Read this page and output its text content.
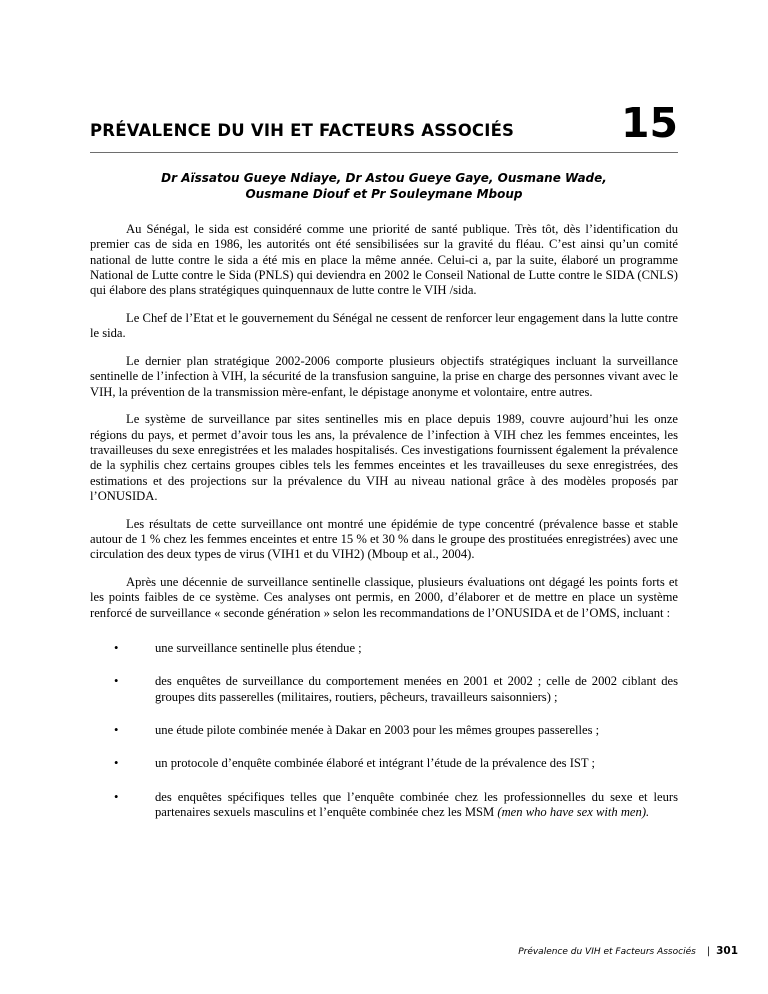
PRÉVALENCE DU VIH ET FACTEURS ASSOCIÉS	15
Dr Aïssatou Gueye Ndiaye, Dr Astou Gueye Gaye, Ousmane Wade,
Ousmane Diouf et Pr Souleymane Mboup

Au Sénégal, le sida est considéré comme une priorité de santé publique. Très tôt, dès l’identification du premier cas de sida en 1986, les autorités ont été sensibilisées sur la gravité du fléau. C’est ainsi qu’un comité national de lutte contre le sida a été mis en place la même année. Celui-ci a, par la suite, élaboré un programme National de Lutte contre le Sida (PNLS) qui deviendra en 2002 le Conseil National de Lutte contre le SIDA (CNLS) qui élabore des plans stratégiques quinquennaux de lutte contre le VIH /sida.

Le Chef de l’Etat et le gouvernement du Sénégal ne cessent de renforcer leur engagement dans la lutte contre le sida.

Le dernier plan stratégique 2002-2006 comporte plusieurs objectifs stratégiques incluant la surveillance sentinelle de l’infection à VIH, la sécurité de la transfusion sanguine, la prise en charge des personnes vivant avec le VIH, la prévention de la transmission mère-enfant, le dépistage anonyme et volontaire, entre autres.

Le système de surveillance par sites sentinelles mis en place depuis 1989, couvre aujourd’hui les onze régions du pays, et permet d’avoir tous les ans, la prévalence de l’infection à VIH chez les femmes enceintes, les travailleuses du sexe enregistrées et les malades hospitalisés. Ces investigations fournissent également la prévalence de la syphilis chez certains groupes cibles tels les femmes enceintes et les travailleuses du sexe enregistrées, des estimations et des projections sur la prévalence du VIH au niveau national grâce à des modèles proposés par l’ONUSIDA.

Les résultats de cette surveillance ont montré une épidémie de type concentré (prévalence basse et stable autour de 1 % chez les femmes enceintes et entre 15 % et 30 % dans le groupe des prostituées enregistrées) avec une circulation des deux types de virus (VIH1 et du VIH2) (Mboup et al., 2004).

Après une décennie de surveillance sentinelle classique, plusieurs évaluations ont dégagé les points forts et les points faibles de ce système. Ces analyses ont permis, en 2000, d’élaborer et de mettre en place un système renforcé de surveillance « seconde génération » selon les recommandations de l’ONUSIDA et de l’OMS, incluant :

•	une surveillance sentinelle plus étendue ;
•	des enquêtes de surveillance du comportement menées en 2001 et 2002 ; celle de 2002 ciblant des groupes dits passerelles (militaires, routiers, pêcheurs, travailleurs saisonniers) ;
•	une étude pilote combinée menée à Dakar en 2003 pour les mêmes groupes passerelles ;
•	un protocole d’enquête combinée élaboré et intégrant l’étude de la prévalence des IST ;
•	des enquêtes spécifiques telles que l’enquête combinée chez les professionnelles du sexe et leurs partenaires sexuels masculins et l’enquête combinée chez les MSM (men who have sex with men).
Prévalence du VIH et Facteurs Associés | 301
